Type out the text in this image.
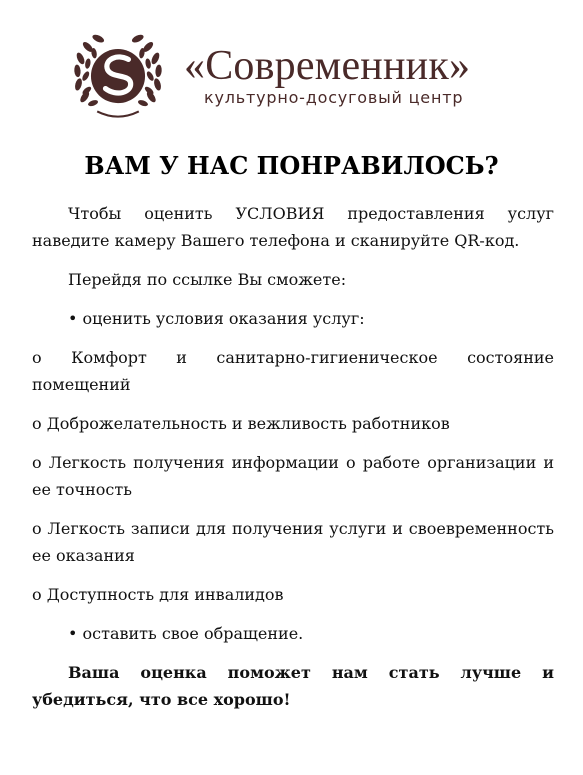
«Современник»
культурно-досуговый центр
ВАМ У НАС ПОНРАВИЛОСЬ?

Чтобы оценить УСЛОВИЯ предоставления услуг наведите камеру Вашего телефона и сканируйте QR-код.

Перейдя по ссылке Вы сможете:

• оценить условия оказания услуг:

o Комфорт и санитарно-гигиеническое состояние помещений

o Доброжелательность и вежливость работников

o Легкость получения информации о работе организации и ее точность

o Легкость записи для получения услуги и своевременность ее оказания

o Доступность для инвалидов

• оставить свое обращение.

Ваша оценка поможет нам стать лучше и убедиться, что все хорошо!
